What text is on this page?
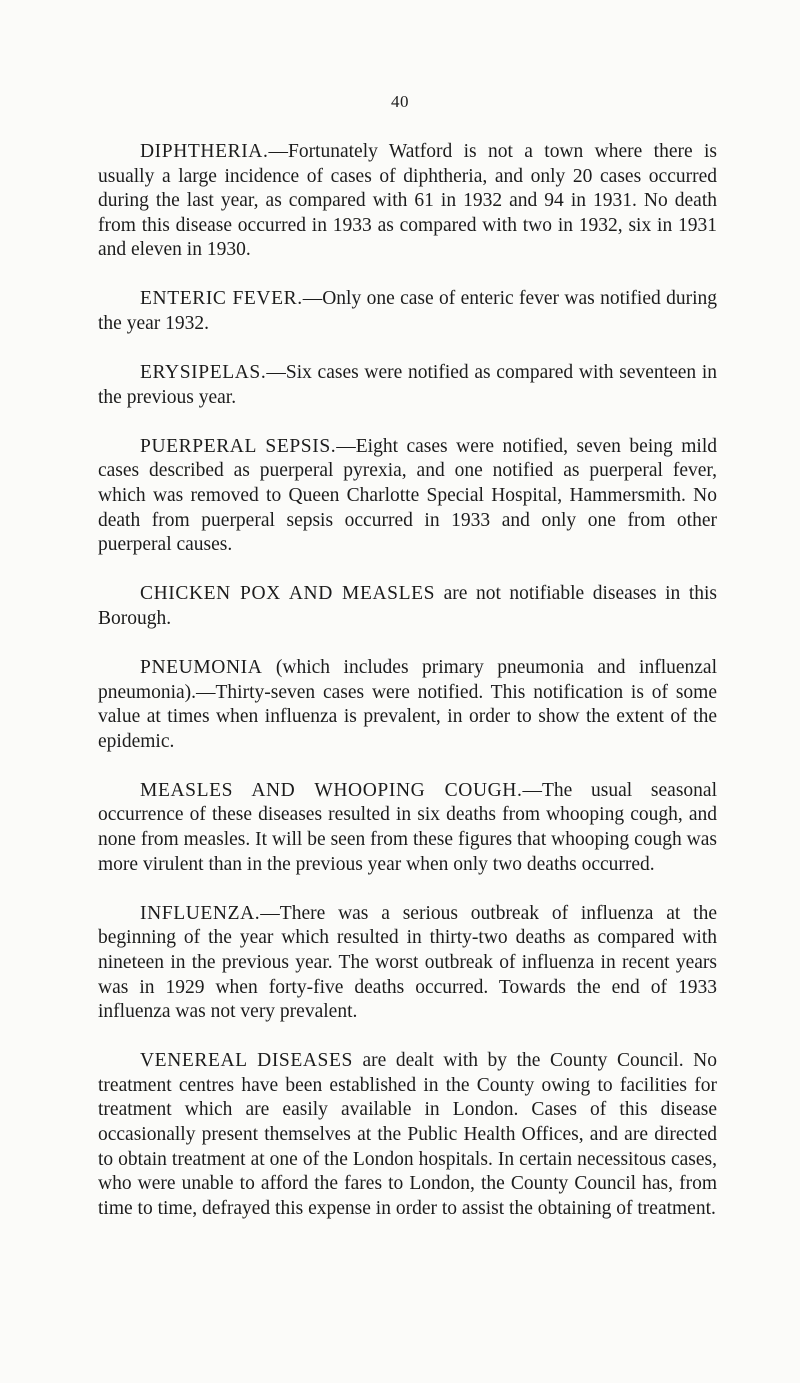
40

DIPHTHERIA.—Fortunately Watford is not a town where there is usually a large incidence of cases of diphtheria, and only 20 cases occurred during the last year, as compared with 61 in 1932 and 94 in 1931. No death from this disease occurred in 1933 as compared with two in 1932, six in 1931 and eleven in 1930.

ENTERIC FEVER.—Only one case of enteric fever was notified during the year 1932.

ERYSIPELAS.—Six cases were notified as compared with seventeen in the previous year.

PUERPERAL SEPSIS.—Eight cases were notified, seven being mild cases described as puerperal pyrexia, and one notified as puerperal fever, which was removed to Queen Charlotte Special Hospital, Hammersmith. No death from puerperal sepsis occurred in 1933 and only one from other puerperal causes.

CHICKEN POX AND MEASLES are not notifiable diseases in this Borough.

PNEUMONIA (which includes primary pneumonia and influenzal pneumonia).—Thirty-seven cases were notified. This notification is of some value at times when influenza is prevalent, in order to show the extent of the epidemic.

MEASLES AND WHOOPING COUGH.—The usual seasonal occurrence of these diseases resulted in six deaths from whooping cough, and none from measles. It will be seen from these figures that whooping cough was more virulent than in the previous year when only two deaths occurred.

INFLUENZA.—There was a serious outbreak of influenza at the beginning of the year which resulted in thirty-two deaths as compared with nineteen in the previous year. The worst outbreak of influenza in recent years was in 1929 when forty-five deaths occurred. Towards the end of 1933 influenza was not very prevalent.

VENEREAL DISEASES are dealt with by the County Council. No treatment centres have been established in the County owing to facilities for treatment which are easily available in London. Cases of this disease occasionally present themselves at the Public Health Offices, and are directed to obtain treatment at one of the London hospitals. In certain necessitous cases, who were unable to afford the fares to London, the County Council has, from time to time, defrayed this expense in order to assist the obtaining of treatment.
